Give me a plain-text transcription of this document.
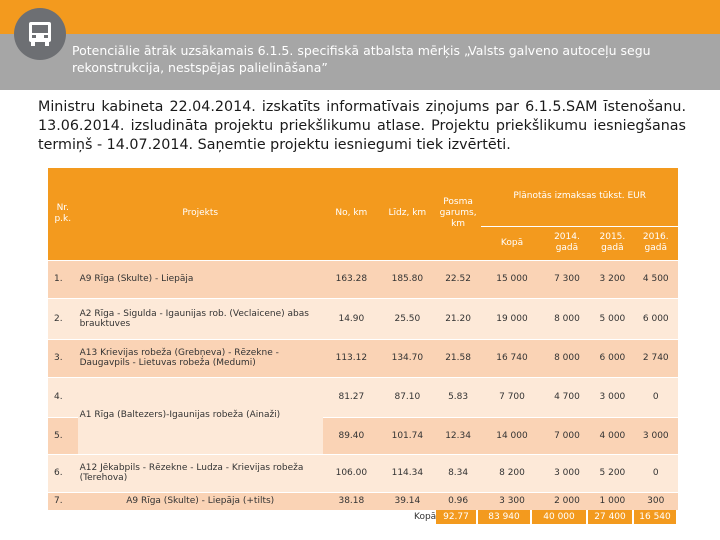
Potenciālie ātrāk uzsākamais 6.1.5. specifiskā atbalsta mērķis „Valsts galveno autoceļu segu rekonstrukcija, nestspējas palielināšana”
Ministru kabineta 22.04.2014. izskatīts informatīvais ziņojums par 6.1.5.SAM īstenošanu. 13.06.2014. izsludināta projektu priekšlikumu atlase. Projektu priekšlikumu iesniegšanas termiņš - 14.07.2014. Saņemtie projektu iesniegumi tiek izvērtēti.
Nr. p.k.	Projekts	No, km	Līdz, km	Posma garums, km	Plānotās izmaksas tūkst. EUR			
					Kopā	2014. gadā	2015. gadā	2016. gadā
1.	A9 Rīga (Skulte) - Liepāja	163.28	185.80	22.52	15 000	7 300	3 200	4 500
2.	A2 Rīga - Sigulda - Igaunijas rob. (Veclaicene) abas brauktuves	14.90	25.50	21.20	19 000	8 000	5 000	6 000
3.	A13 Krievijas robeža (Grebņeva) - Rēzekne - Daugavpils - Lietuvas robeža (Medumi)	113.12	134.70	21.58	16 740	8 000	6 000	2 740
4.	A1 Rīga (Baltezers)-Igaunijas robeža (Ainaži)	81.27	87.10	5.83	7 700	4 700	3 000	0
5.		89.40	101.74	12.34	14 000	7 000	4 000	3 000
6.	A12 Jēkabpils - Rēzekne - Ludza - Krievijas robeža (Terehova)	106.00	114.34	8.34	8 200	3 000	5 200	0
7.	A9 Rīga (Skulte) - Liepāja (+tilts)	38.18	39.14	0.96	3 300	2 000	1 000	300
Kopā 92.77	83 940	40 000	27 400	16 540
